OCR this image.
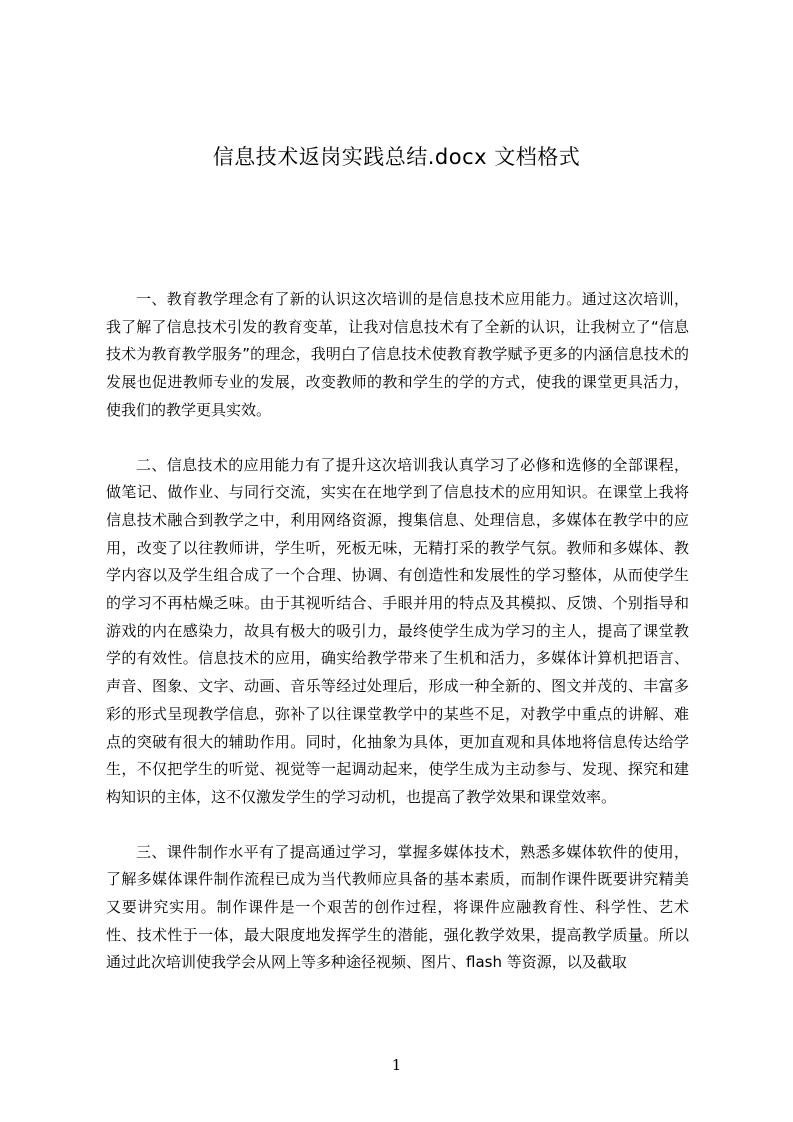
信息技术返岗实践总结.docx 文档格式

一、教育教学理念有了新的认识这次培训的是信息技术应用能力。通过这次培训，我了解了信息技术引发的教育变革，让我对信息技术有了全新的认识，让我树立了“信息技术为教育教学服务”的理念，我明白了信息技术使教育教学赋予更多的内涵信息技术的发展也促进教师专业的发展，改变教师的教和学生的学的方式，使我的课堂更具活力，使我们的教学更具实效。

二、信息技术的应用能力有了提升这次培训我认真学习了必修和选修的全部课程，做笔记、做作业、与同行交流，实实在在地学到了信息技术的应用知识。在课堂上我将信息技术融合到教学之中，利用网络资源，搜集信息、处理信息，多媒体在教学中的应用，改变了以往教师讲，学生听，死板无味，无精打采的教学气氛。教师和多媒体、教学内容以及学生组合成了一个合理、协调、有创造性和发展性的学习整体，从而使学生的学习不再枯燥乏味。由于其视听结合、手眼并用的特点及其模拟、反馈、个别指导和游戏的内在感染力，故具有极大的吸引力，最终使学生成为学习的主人，提高了课堂教学的有效性。信息技术的应用，确实给教学带来了生机和活力，多媒体计算机把语言、声音、图象、文字、动画、音乐等经过处理后，形成一种全新的、图文并茂的、丰富多彩的形式呈现教学信息，弥补了以往课堂教学中的某些不足，对教学中重点的讲解、难点的突破有很大的辅助作用。同时，化抽象为具体，更加直观和具体地将信息传达给学生，不仅把学生的听觉、视觉等一起调动起来，使学生成为主动参与、发现、探究和建构知识的主体，这不仅激发学生的学习动机，也提高了教学效果和课堂效率。

三、课件制作水平有了提高通过学习，掌握多媒体技术，熟悉多媒体软件的使用，了解多媒体课件制作流程已成为当代教师应具备的基本素质，而制作课件既要讲究精美又要讲究实用。制作课件是一个艰苦的创作过程，将课件应融教育性、科学性、艺术性、技术性于一体，最大限度地发挥学生的潜能，强化教学效果，提高教学质量。所以通过此次培训使我学会从网上等多种途径视频、图片、flash 等资源，以及截取

1
